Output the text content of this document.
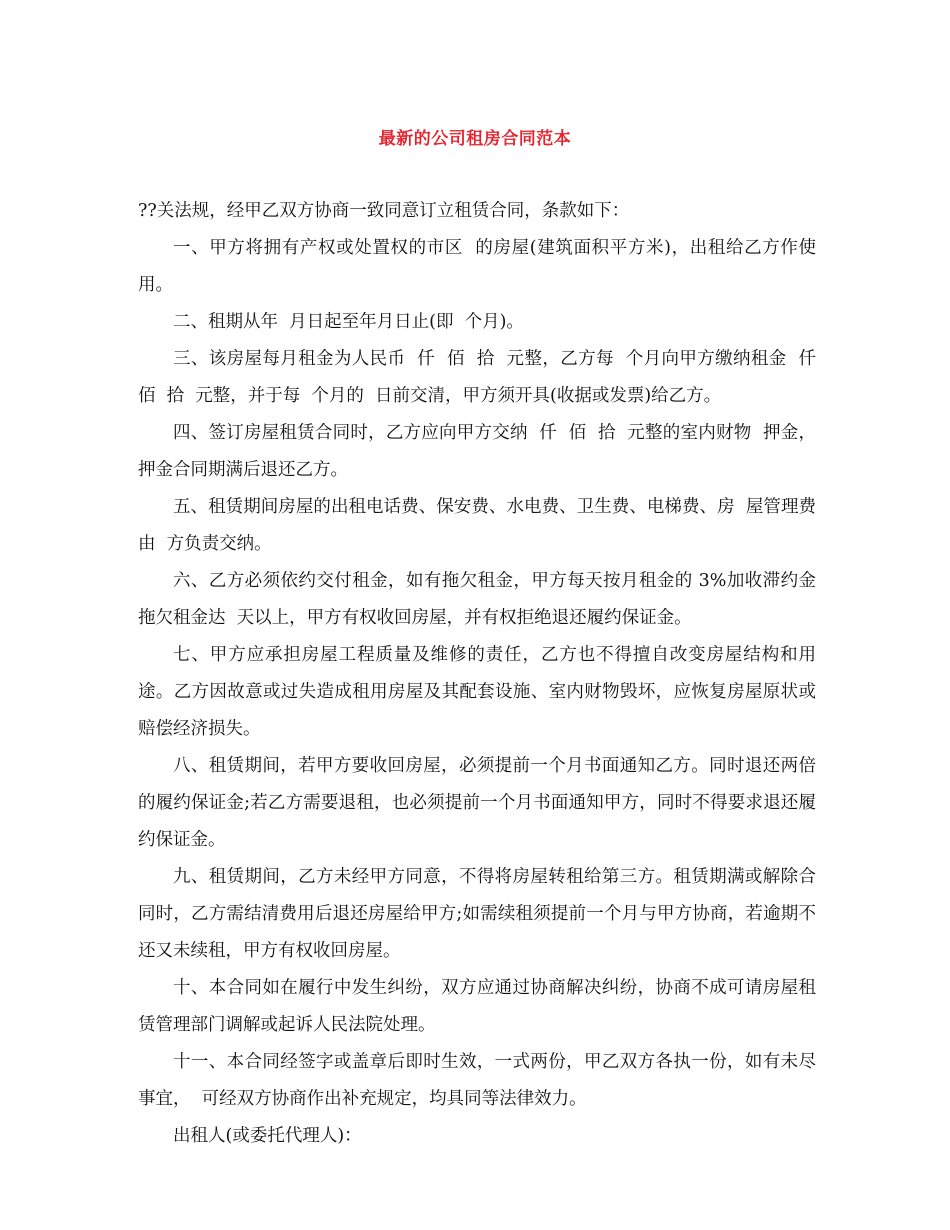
最新的公司租房合同范本

??关法规，经甲乙双方协商一致同意订立租赁合同，条款如下：

一、甲方将拥有产权或处置权的市区  的房屋(建筑面积平方米)，出租给乙方作使用。

二、租期从年  月日起至年月日止(即  个月)。

三、该房屋每月租金为人民币  仟  佰  拾  元整，乙方每  个月向甲方缴纳租金  仟  佰  拾  元整，并于每  个月的  日前交清，甲方须开具(收据或发票)给乙方。

四、签订房屋租赁合同时，乙方应向甲方交纳  仟  佰  拾  元整的室内财物  押金，押金合同期满后退还乙方。

五、租赁期间房屋的出租电话费、保安费、水电费、卫生费、电梯费、房  屋管理费由  方负责交纳。

六、乙方必须依约交付租金，如有拖欠租金，甲方每天按月租金的 3%加收滞约金拖欠租金达  天以上，甲方有权收回房屋，并有权拒绝退还履约保证金。

七、甲方应承担房屋工程质量及维修的责任，乙方也不得擅自改变房屋结构和用途。乙方因故意或过失造成租用房屋及其配套设施、室内财物毁坏，应恢复房屋原状或赔偿经济损失。

八、租赁期间，若甲方要收回房屋，必须提前一个月书面通知乙方。同时退还两倍的履约保证金;若乙方需要退租，也必须提前一个月书面通知甲方，同时不得要求退还履约保证金。

九、租赁期间，乙方未经甲方同意，不得将房屋转租给第三方。租赁期满或解除合同时，乙方需结清费用后退还房屋给甲方;如需续租须提前一个月与甲方协商，若逾期不还又未续租，甲方有权收回房屋。

十、本合同如在履行中发生纠纷，双方应通过协商解决纠纷，协商不成可请房屋租赁管理部门调解或起诉人民法院处理。

十一、本合同经签字或盖章后即时生效，一式两份，甲乙双方各执一份，如有未尽事宜，  可经双方协商作出补充规定，均具同等法律效力。

出租人(或委托代理人)：
